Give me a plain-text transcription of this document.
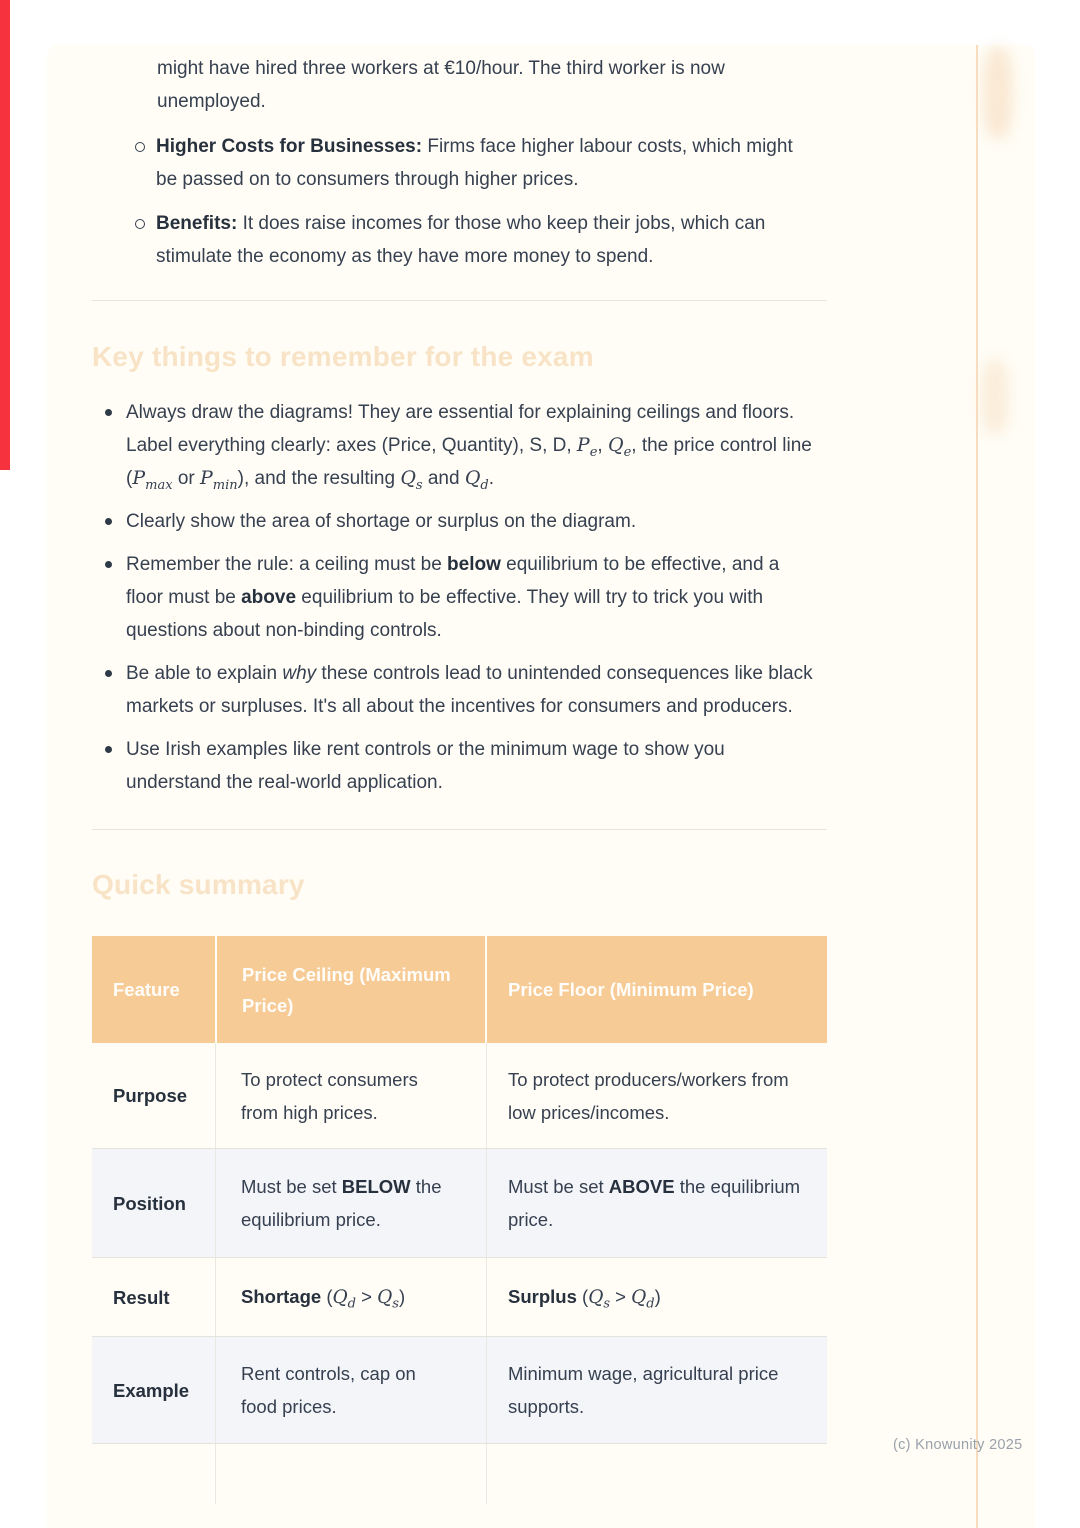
might have hired three workers at €10/hour. The third worker is now unemployed.

Higher Costs for Businesses: Firms face higher labour costs, which might be passed on to consumers through higher prices.
Benefits: It does raise incomes for those who keep their jobs, which can stimulate the economy as they have more money to spend.
Key things to remember for the exam
Always draw the diagrams! They are essential for explaining ceilings and floors. Label everything clearly: axes (Price, Quantity), S, D, $P_e$, $Q_e$, the price control line ($P_{max}$ or $P_{min}$), and the resulting $Q_s$ and $Q_d$.
Clearly show the area of shortage or surplus on the diagram.
Remember the rule: a ceiling must be below equilibrium to be effective, and a floor must be above equilibrium to be effective. They will try to trick you with questions about non-binding controls.
Be able to explain why these controls lead to unintended consequences like black markets or surpluses. It's all about the incentives for consumers and producers.
Use Irish examples like rent controls or the minimum wage to show you understand the real-world application.
Quick summary
Feature
Price Ceiling (Maximum Price)
Price Floor (Minimum Price)
Purpose
To protect consumers from high prices.
To protect producers/workers from low prices/incomes.
Position
Must be set BELOW the equilibrium price.
Must be set ABOVE the equilibrium price.
Result	Shortage $(Q_d > Q_s)$	Surplus $(Q_s > Q_d)$
Example
Rent controls, cap on food prices.
Minimum wage, agricultural price supports.
(c) Knowunity 2025
